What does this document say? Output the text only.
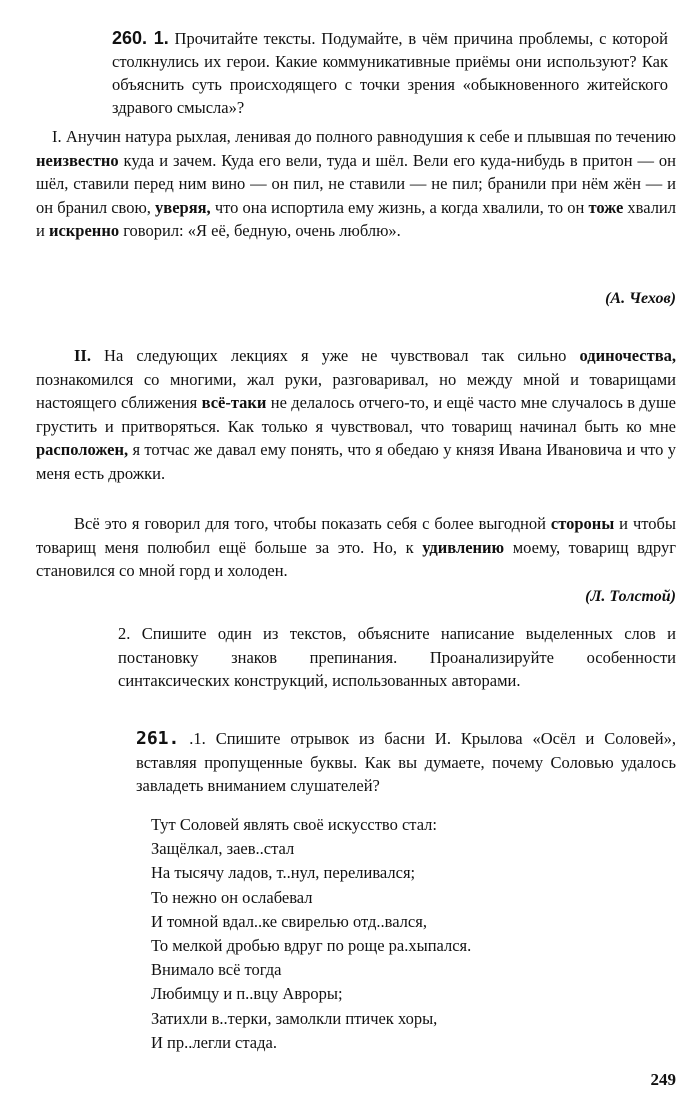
260. 1. Прочитайте тексты. Подумайте, в чём причина проблемы, с которой столкнулись их герои. Какие коммуникативные приёмы они используют? Как объяснить суть происходящего с точки зрения «обыкновенного житейского здравого смысла»?
I. Анучин натура рыхлая, ленивая до полного равнодушия к себе и плывшая по течению неизвестно куда и зачем. Куда его вели, туда и шёл. Вели его куда-нибудь в притон — он шёл, ставили перед ним вино — он пил, не ставили — не пил; бранили при нём жён — и он бранил свою, уверяя, что она испортила ему жизнь, а когда хвалили, то он тоже хвалил и искренно говорил: «Я её, бедную, очень люблю».
(А. Чехов)
II. На следующих лекциях я уже не чувствовал так сильно одиночества, познакомился со многими, жал руки, разговаривал, но между мной и товарищами настоящего сближения всё-таки не делалось отчего-то, и ещё часто мне случалось в душе грустить и притворяться. Как только я чувствовал, что товарищ начинал быть ко мне расположен, я тотчас же давал ему понять, что я обедаю у князя Ивана Ивановича и что у меня есть дрожки.
Всё это я говорил для того, чтобы показать себя с более выгодной стороны и чтобы товарищ меня полюбил ещё больше за это. Но, к удивлению моему, товарищ вдруг становился со мной горд и холоден.
(Л. Толстой)
2. Спишите один из текстов, объясните написание выделенных слов и постановку знаков препинания. Проанализируйте особенности синтаксических конструкций, использованных авторами.
261. .1. Спишите отрывок из басни И. Крылова «Осёл и Соловей», вставляя пропущенные буквы. Как вы думаете, почему Соловью удалось завладеть вниманием слушателей?
Тут Соловей являть своё искусство стал:
Защёлкал, заев..стал
На тысячу ладов, т..нул, переливался;
То нежно он ослабевал
И томной вдал..ке свирелью отд..вался,
То мелкой дробью вдруг по роще ра.хыпался.
Внимало всё тогда
Любимцу и п..вцу Авроры;
Затихли в..терки, замолкли птичек хоры,
И пр..легли стада.
249
